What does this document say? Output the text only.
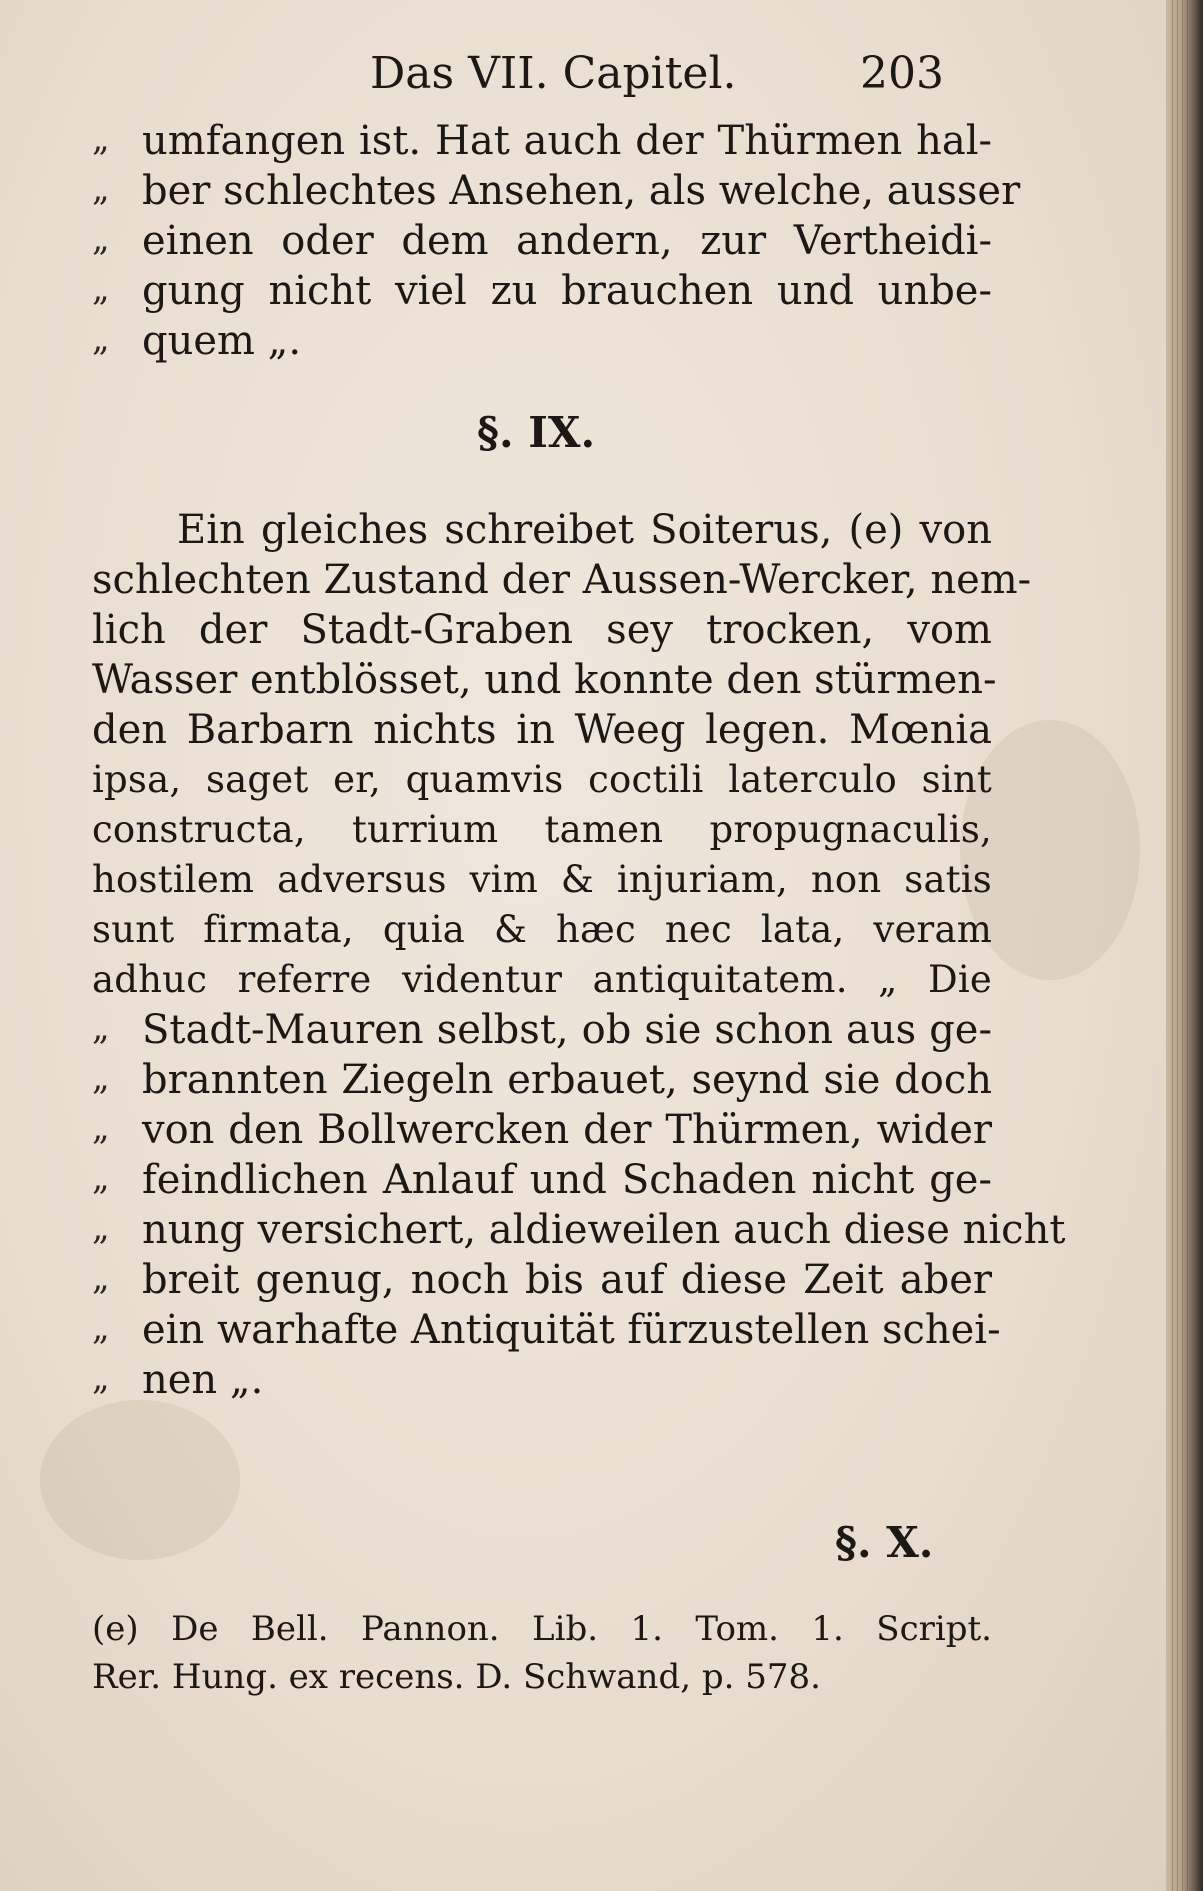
Das VII. Capitel.	203
„ umfangen ist. Hat auch der Thürmen hal-
„ ber schlechtes Ansehen, als welche, ausser
„ einen oder dem andern, zur Vertheidi-
„ gung nicht viel zu brauchen und unbe-
„ quem „.
§. IX.
Ein gleiches schreibet Soiterus, (e) von
schlechten Zustand der Aussen-Wercker, nem-
lich der Stadt-Graben sey trocken, vom
Wasser entblösset, und konnte den stürmen-
den Barbarn nichts in Weeg legen. Mœnia
ipsa, saget er, quamvis coctili laterculo sint
constructa, turrium tamen propugnaculis,
hostilem adversus vim & injuriam, non satis
sunt firmata, quia & hæc nec lata, veram
adhuc referre videntur antiquitatem. „ Die
„ Stadt-Mauren selbst, ob sie schon aus ge-
„ brannten Ziegeln erbauet, seynd sie doch
„ von den Bollwercken der Thürmen, wider
„ feindlichen Anlauf und Schaden nicht ge-
„ nung versichert, aldieweilen auch diese nicht
„ breit genug, noch bis auf diese Zeit aber
„ ein warhafte Antiquität fürzustellen schei-
„ nen „.
§. X.
(e) De Bell. Pannon. Lib. 1. Tom. 1. Script.
Rer. Hung. ex recens. D. Schwand, p. 578.
